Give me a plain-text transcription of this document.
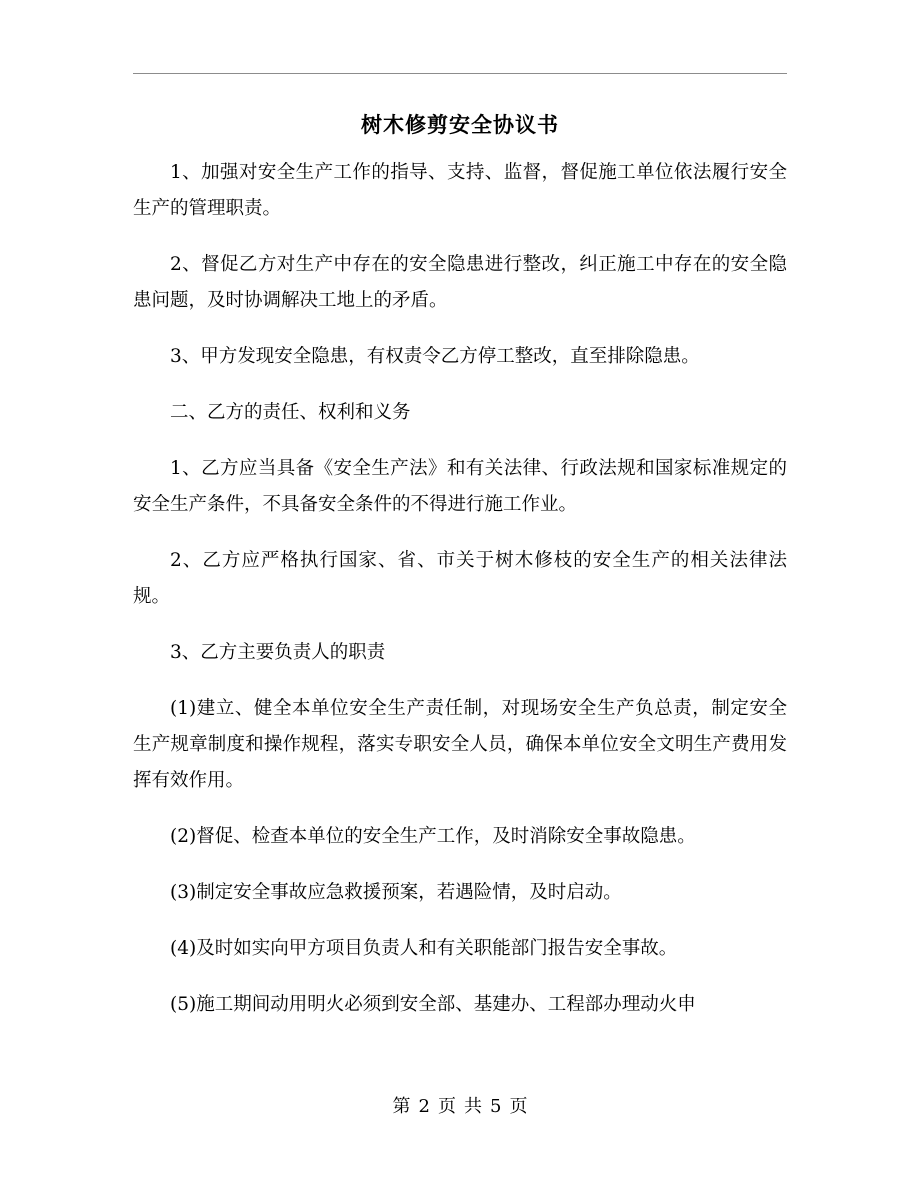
树木修剪安全协议书

1、加强对安全生产工作的指导、支持、监督，督促施工单位依法履行安全生产的管理职责。

2、督促乙方对生产中存在的安全隐患进行整改，纠正施工中存在的安全隐患问题，及时协调解决工地上的矛盾。

3、甲方发现安全隐患，有权责令乙方停工整改，直至排除隐患。

二、乙方的责任、权利和义务

1、乙方应当具备《安全生产法》和有关法律、行政法规和国家标准规定的安全生产条件，不具备安全条件的不得进行施工作业。

2、乙方应严格执行国家、省、市关于树木修枝的安全生产的相关法律法规。

3、乙方主要负责人的职责

(1)建立、健全本单位安全生产责任制，对现场安全生产负总责，制定安全生产规章制度和操作规程，落实专职安全人员，确保本单位安全文明生产费用发挥有效作用。

(2)督促、检查本单位的安全生产工作，及时消除安全事故隐患。

(3)制定安全事故应急救援预案，若遇险情，及时启动。

(4)及时如实向甲方项目负责人和有关职能部门报告安全事故。

(5)施工期间动用明火必须到安全部、基建办、工程部办理动火申

第 2 页 共 5 页
